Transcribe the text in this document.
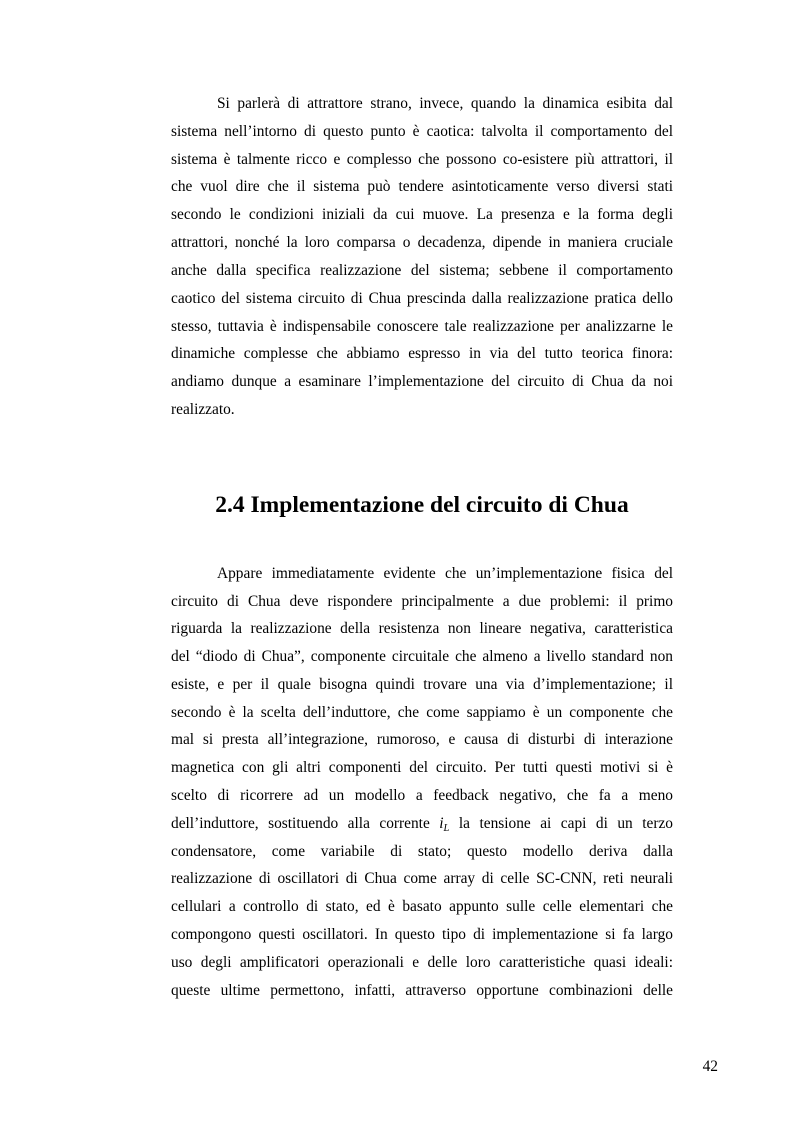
Si parlerà di attrattore strano, invece, quando la dinamica esibita dal
sistema nell’intorno di questo punto è caotica: talvolta il comportamento del
sistema è talmente ricco e complesso che possono co-esistere più attrattori, il
che vuol dire che il sistema può tendere asintoticamente verso diversi stati
secondo le condizioni iniziali da cui muove. La presenza e la forma degli
attrattori, nonché la loro comparsa o decadenza, dipende in maniera cruciale
anche dalla specifica realizzazione del sistema; sebbene il comportamento
caotico del sistema circuito di Chua prescinda dalla realizzazione pratica dello
stesso, tuttavia è indispensabile conoscere tale realizzazione per analizzarne le
dinamiche complesse che abbiamo espresso in via del tutto teorica finora:
andiamo dunque a esaminare l’implementazione del circuito di Chua da noi
realizzato.
2.4 Implementazione del circuito di Chua
Appare immediatamente evidente che un’implementazione fisica del
circuito di Chua deve rispondere principalmente a due problemi: il primo
riguarda la realizzazione della resistenza non lineare negativa, caratteristica
del “diodo di Chua”, componente circuitale che almeno a livello standard non
esiste, e per il quale bisogna quindi trovare una via d’implementazione; il
secondo è la scelta dell’induttore, che come sappiamo è un componente che
mal si presta all’integrazione, rumoroso, e causa di disturbi di interazione
magnetica con gli altri componenti del circuito. Per tutti questi motivi si è
scelto di ricorrere ad un modello a feedback negativo, che fa a meno
dell’induttore, sostituendo alla corrente iL la tensione ai capi di un terzo
condensatore, come variabile di stato; questo modello deriva dalla
realizzazione di oscillatori di Chua come array di celle SC-CNN, reti neurali
cellulari a controllo di stato, ed è basato appunto sulle celle elementari che
compongono questi oscillatori. In questo tipo di implementazione si fa largo
uso degli amplificatori operazionali e delle loro caratteristiche quasi ideali:
queste ultime permettono, infatti, attraverso opportune combinazioni delle
42
